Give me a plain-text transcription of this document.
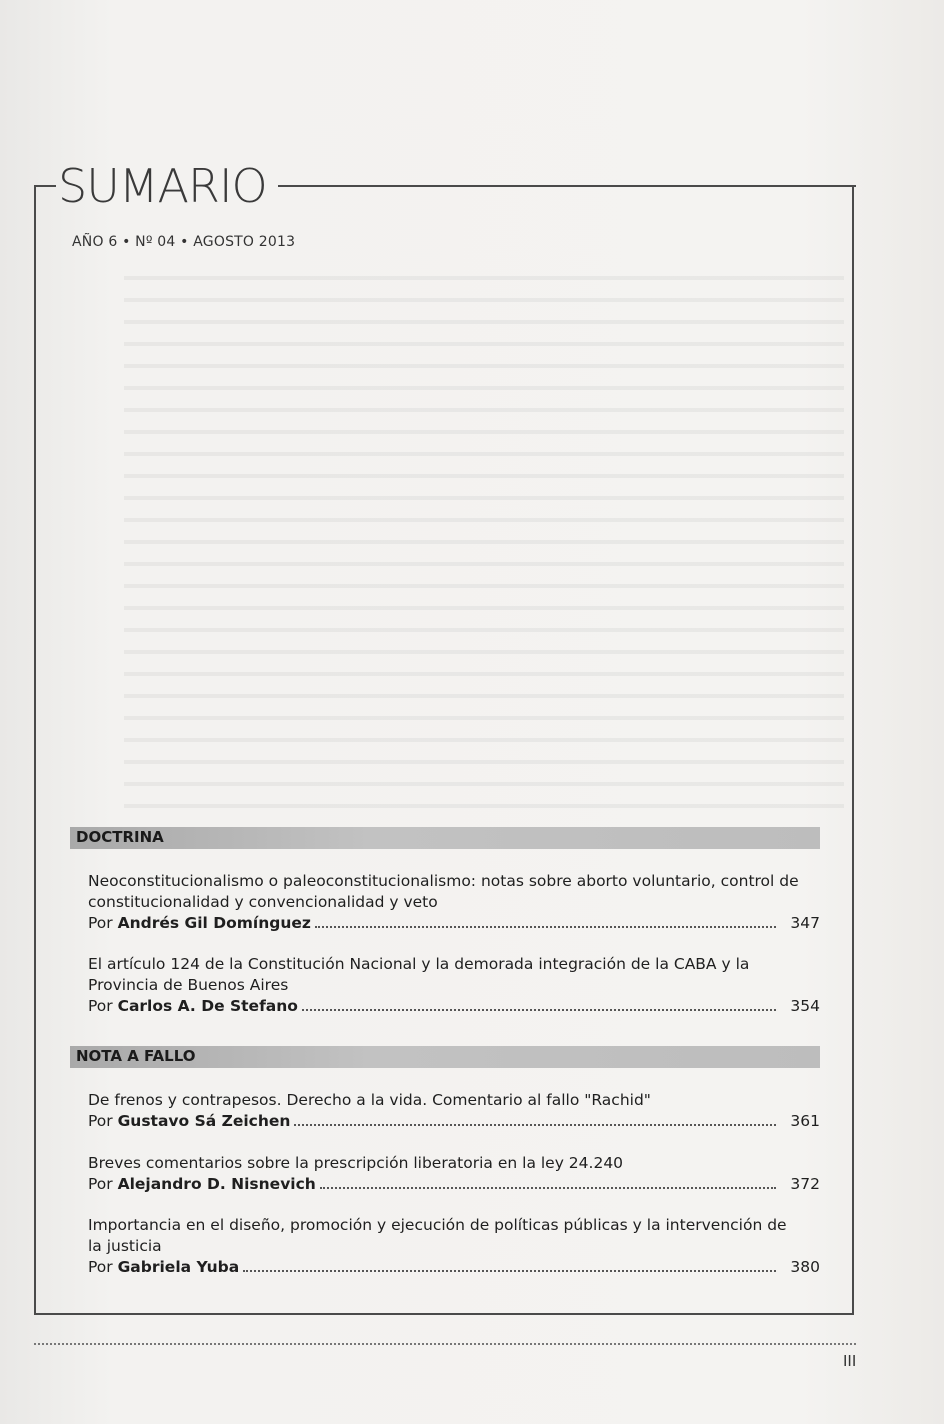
SUMARIO
AÑO 6 • Nº 04 • AGOSTO 2013
DOCTRINA
Neoconstitucionalismo o paleoconstitucionalismo: notas sobre aborto voluntario, control de constitucionalidad y convencionalidad y veto
Por Andrés Gil Domínguez	347
El artículo 124 de la Constitución Nacional y la demorada integración de la CABA y la Provincia de Buenos Aires
Por Carlos A. De Stefano	354
NOTA A FALLO
De frenos y contrapesos. Derecho a la vida. Comentario al fallo "Rachid"
Por Gustavo Sá Zeichen	361
Breves comentarios sobre la prescripción liberatoria en la ley 24.240
Por Alejandro D. Nisnevich	372
Importancia en el diseño, promoción y ejecución de políticas públicas y la intervención de la justicia
Por Gabriela Yuba	380
III
